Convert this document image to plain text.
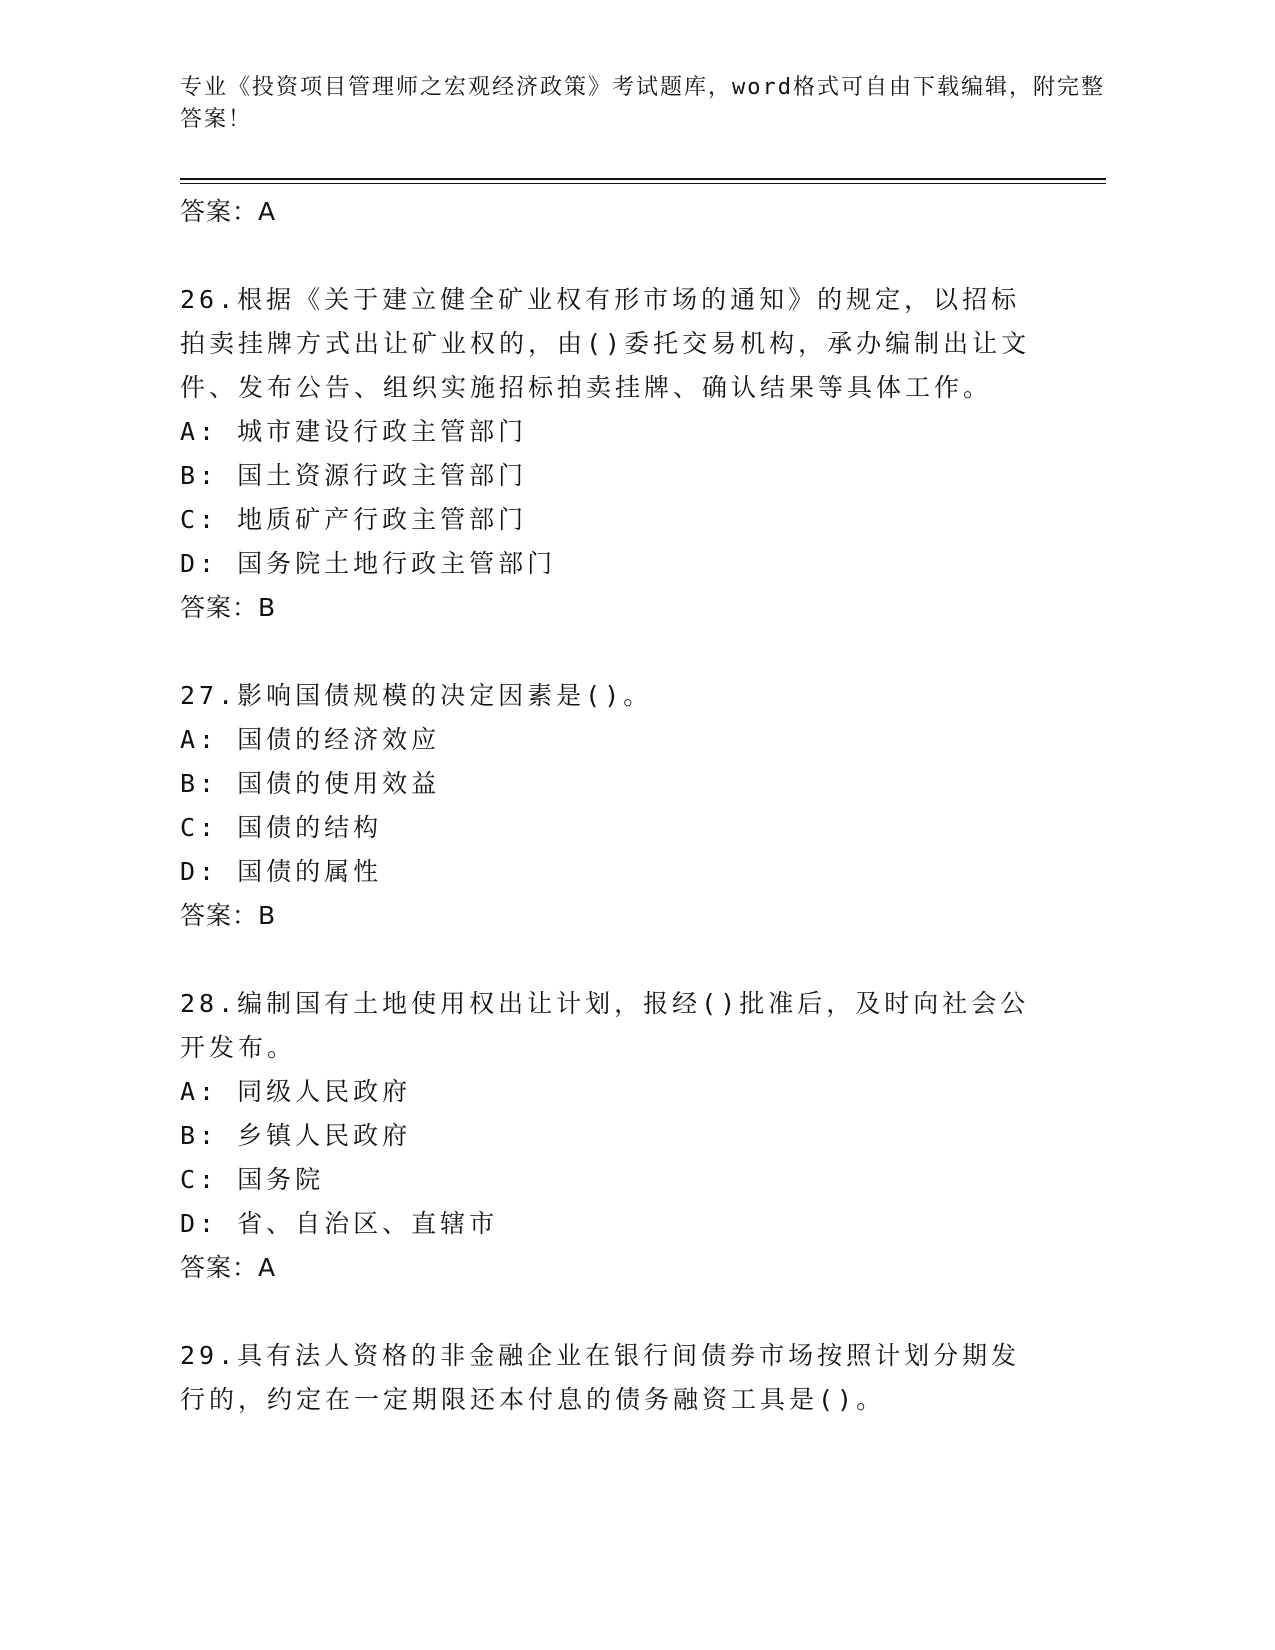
专业《投资项目管理师之宏观经济政策》考试题库，word格式可自由下载编辑，附完整答案！
答案：A
26.根据《关于建立健全矿业权有形市场的通知》的规定，以招标拍卖挂牌方式出让矿业权的，由()委托交易机构，承办编制出让文件、发布公告、组织实施招标拍卖挂牌、确认结果等具体工作。
A: 城市建设行政主管部门
B: 国土资源行政主管部门
C: 地质矿产行政主管部门
D: 国务院土地行政主管部门
答案：B
27.影响国债规模的决定因素是()。
A: 国债的经济效应
B: 国债的使用效益
C: 国债的结构
D: 国债的属性
答案：B
28.编制国有土地使用权出让计划，报经()批准后，及时向社会公开发布。
A: 同级人民政府
B: 乡镇人民政府
C: 国务院
D: 省、自治区、直辖市
答案：A
29.具有法人资格的非金融企业在银行间债券市场按照计划分期发行的，约定在一定期限还本付息的债务融资工具是()。
